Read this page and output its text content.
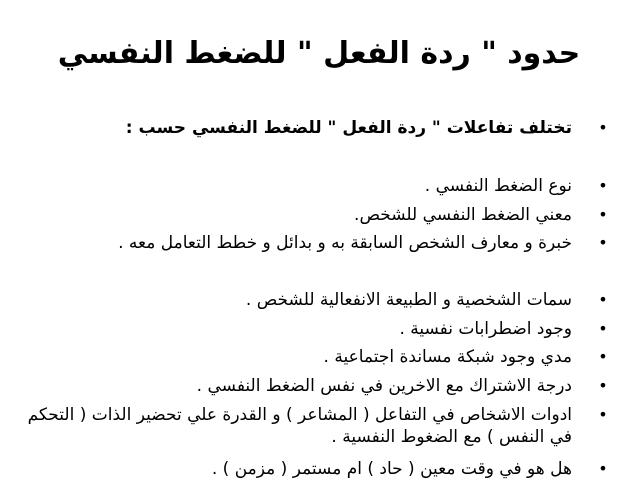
حدود " ردة الفعل " للضغط النفسي
•
تختلف تفاعلات " ردة الفعل " للضغط النفسي حسب :
•
نوع الضغط النفسي .
•
معني الضغط النفسي للشخص.
•
خبرة و معارف الشخص السابقة به و بدائل و خطط التعامل معه .
•
سمات الشخصية و الطبيعة الانفعالية للشخص .
•
وجود اضطرابات نفسية .
•
مدي وجود شبكة مساندة اجتماعية .
•
درجة الاشتراك مع الاخرين في نفس الضغط النفسي .
•
ادوات الاشخاص في التفاعل ( المشاعر ) و القدرة علي تحضير الذات ( التحكم في النفس ) مع الضغوط النفسية .
•
هل هو في وقت معين ( حاد ) ام مستمر ( مزمن ) .
